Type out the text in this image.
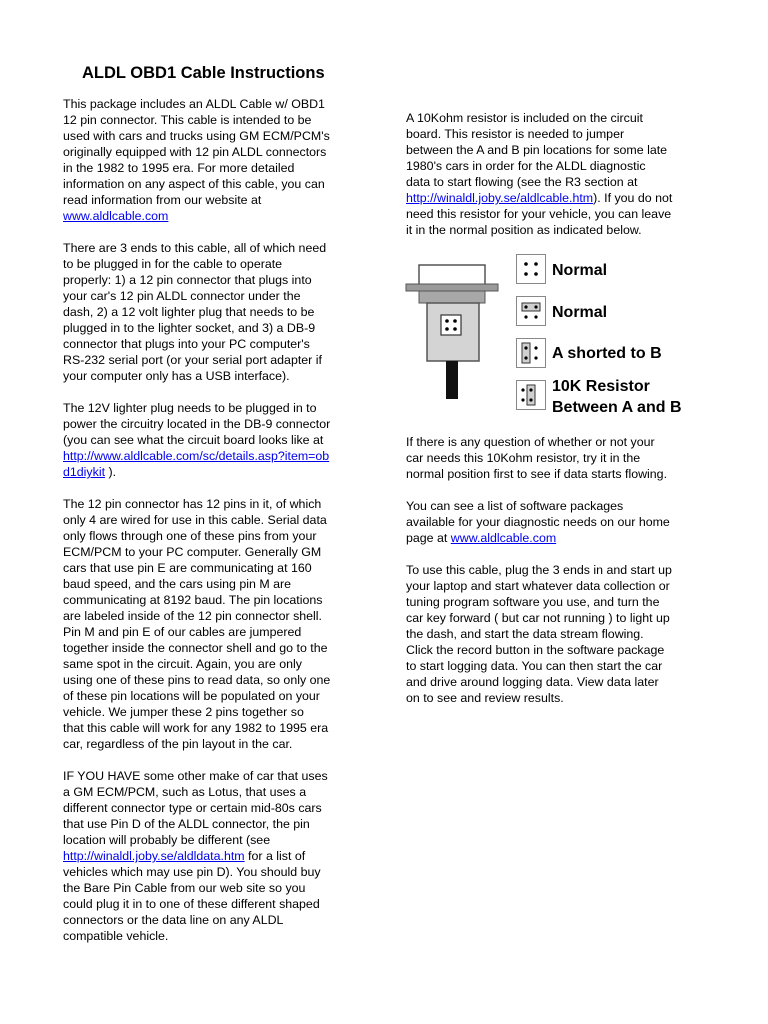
ALDL OBD1 Cable Instructions

This package includes an ALDL Cable w/ OBD1
12 pin connector. This cable is intended to be
used with cars and trucks using GM ECM/PCM's
originally equipped with 12 pin ALDL connectors
in the 1982 to 1995 era. For more detailed
information on any aspect of this cable, you can
read information from our website at
www.aldlcable.com

There are 3 ends to this cable, all of which need
to be plugged in for the cable to operate
properly: 1) a 12 pin connector that plugs into
your car's 12 pin ALDL connector under the
dash, 2) a 12 volt lighter plug that needs to be
plugged in to the lighter socket, and 3) a DB-9
connector that plugs into your PC computer's
RS-232 serial port (or your serial port adapter if
your computer only has a USB interface).

The 12V lighter plug needs to be plugged in to
power the circuitry located in the DB-9 connector
(you can see what the circuit board looks like at
http://www.aldlcable.com/sc/details.asp?item=ob
d1diykit ).

The 12 pin connector has 12 pins in it, of which
only 4 are wired for use in this cable. Serial data
only flows through one of these pins from your
ECM/PCM to your PC computer. Generally GM
cars that use pin E are communicating at 160
baud speed, and the cars using pin M are
communicating at 8192 baud. The pin locations
are labeled inside of the 12 pin connector shell.
Pin M and pin E of our cables are jumpered
together inside the connector shell and go to the
same spot in the circuit. Again, you are only
using one of these pins to read data, so only one
of these pin locations will be populated on your
vehicle. We jumper these 2 pins together so
that this cable will work for any 1982 to 1995 era
car, regardless of the pin layout in the car.

IF YOU HAVE some other make of car that uses
a GM ECM/PCM, such as Lotus, that uses a
different connector type or certain mid-80s cars
that use Pin D of the ALDL connector, the pin
location will probably be different (see
http://winaldl.joby.se/aldldata.htm for a list of
vehicles which may use pin D). You should buy
the Bare Pin Cable from our web site so you
could plug it in to one of these different shaped
connectors or the data line on any ALDL
compatible vehicle.

A 10Kohm resistor is included on the circuit
board. This resistor is needed to jumper
between the A and B pin locations for some late
1980's cars in order for the ALDL diagnostic
data to start flowing (see the R3 section at
http://winaldl.joby.se/aldlcable.htm). If you do not
need this resistor for your vehicle, you can leave
it in the normal position as indicated below.

Normal
Normal
A shorted to B
10K Resistor
Between A and B

If there is any question of whether or not your
car needs this 10Kohm resistor, try it in the
normal position first to see if data starts flowing.

You can see a list of software packages
available for your diagnostic needs on our home
page at www.aldlcable.com

To use this cable, plug the 3 ends in and start up
your laptop and start whatever data collection or
tuning program software you use, and turn the
car key forward ( but car not running ) to light up
the dash, and start the data stream flowing.
Click the record button in the software package
to start logging data. You can then start the car
and drive around logging data. View data later
on to see and review results.
